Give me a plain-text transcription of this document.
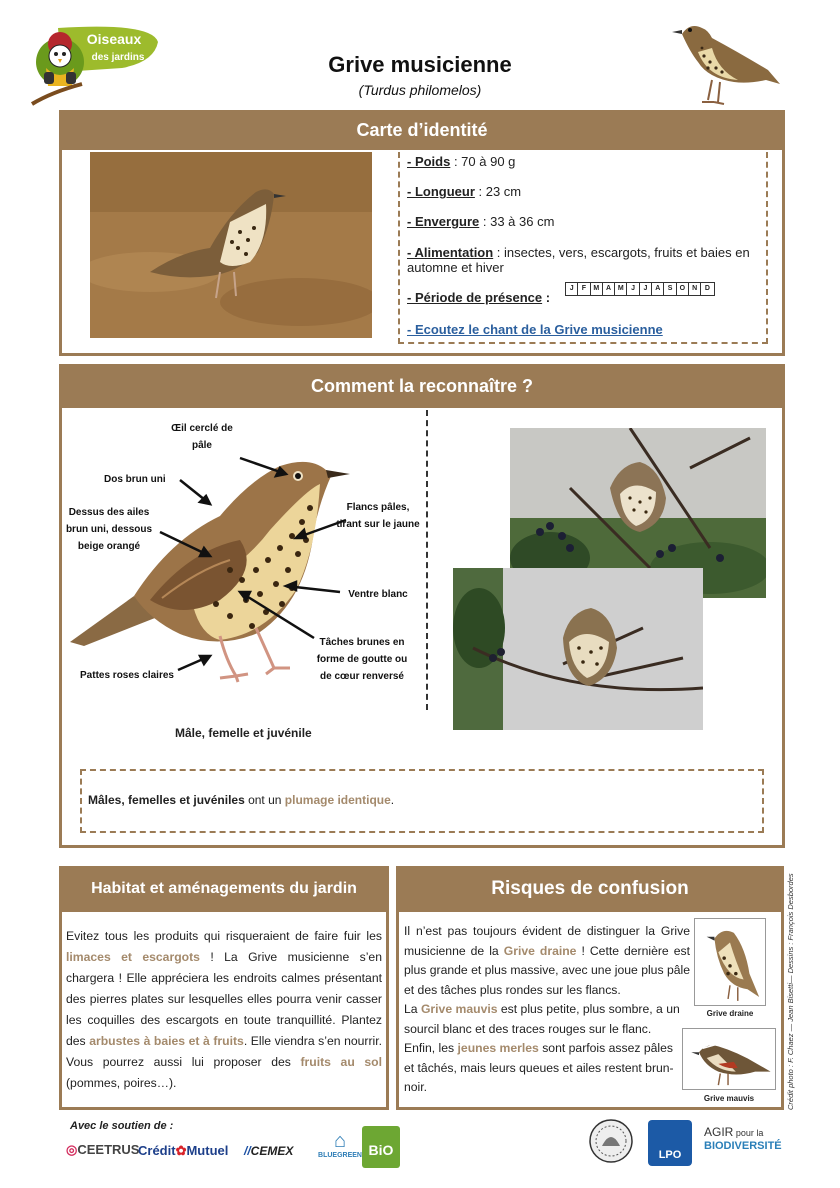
Oiseaux
des jardins	Grive musicienne
(Turdus philomelos)
Carte d’identité
- Poids : 70 à 90 g
- Longueur : 23 cm
- Envergure : 33 à 36 cm
- Alimentation : insectes, vers, escargots, fruits et baies en automne et hiver
- Période de présence :
J	F	M A M	J	J	A	S	O	N	D
- Ecoutez le chant de la Grive musicienne
Comment la reconnaître ?
Œil cerclé de pâle
Dos brun uni
Dessus des ailes brun uni, dessous beige orangé
Flancs pâles, tirant sur le jaune
Ventre blanc
Tâches brunes en forme de goutte ou de cœur renversé
Pattes roses claires
Mâle, femelle et juvénile
Mâles, femelles et juvéniles ont un plumage identique.
Habitat et aménagements du jardin
Evitez tous les produits qui risqueraient de faire fuir les limaces et escargots ! La Grive musicienne s’en chargera ! Elle appréciera les endroits calmes présentant des pierres plates sur lesquelles elles pourra venir casser les coquilles des escargots en toute tranquillité. Plantez des arbustes à baies et à fruits. Elle viendra s’en nourrir. Vous pourrez aussi lui proposer des fruits au sol (pommes, poires…).
Risques de confusion
Il n’est pas toujours évident de distinguer la Grive musicienne de la Grive draine ! Cette dernière est plus grande et plus massive, avec une joue plus pâle et des tâches plus rondes sur les flancs.
La Grive mauvis est plus petite, plus sombre, a un sourcil blanc et des traces rouges sur le flanc.
Enfin, les jeunes merles sont parfois assez pâles et tâchés, mais leurs queues et ailes restent brun-noir.
Grive draine
Grive mauvis	Crédit photo : F. Chaez — Jean Bisetti— Dessins : François Desbordes
Avec le soutien de :
◎CEETRUS
Crédit✿Mutuel //CEMEX	⌂
BLUEGREEN BiO	LPO
AGIR pour la
BIODIVERSITÉ
